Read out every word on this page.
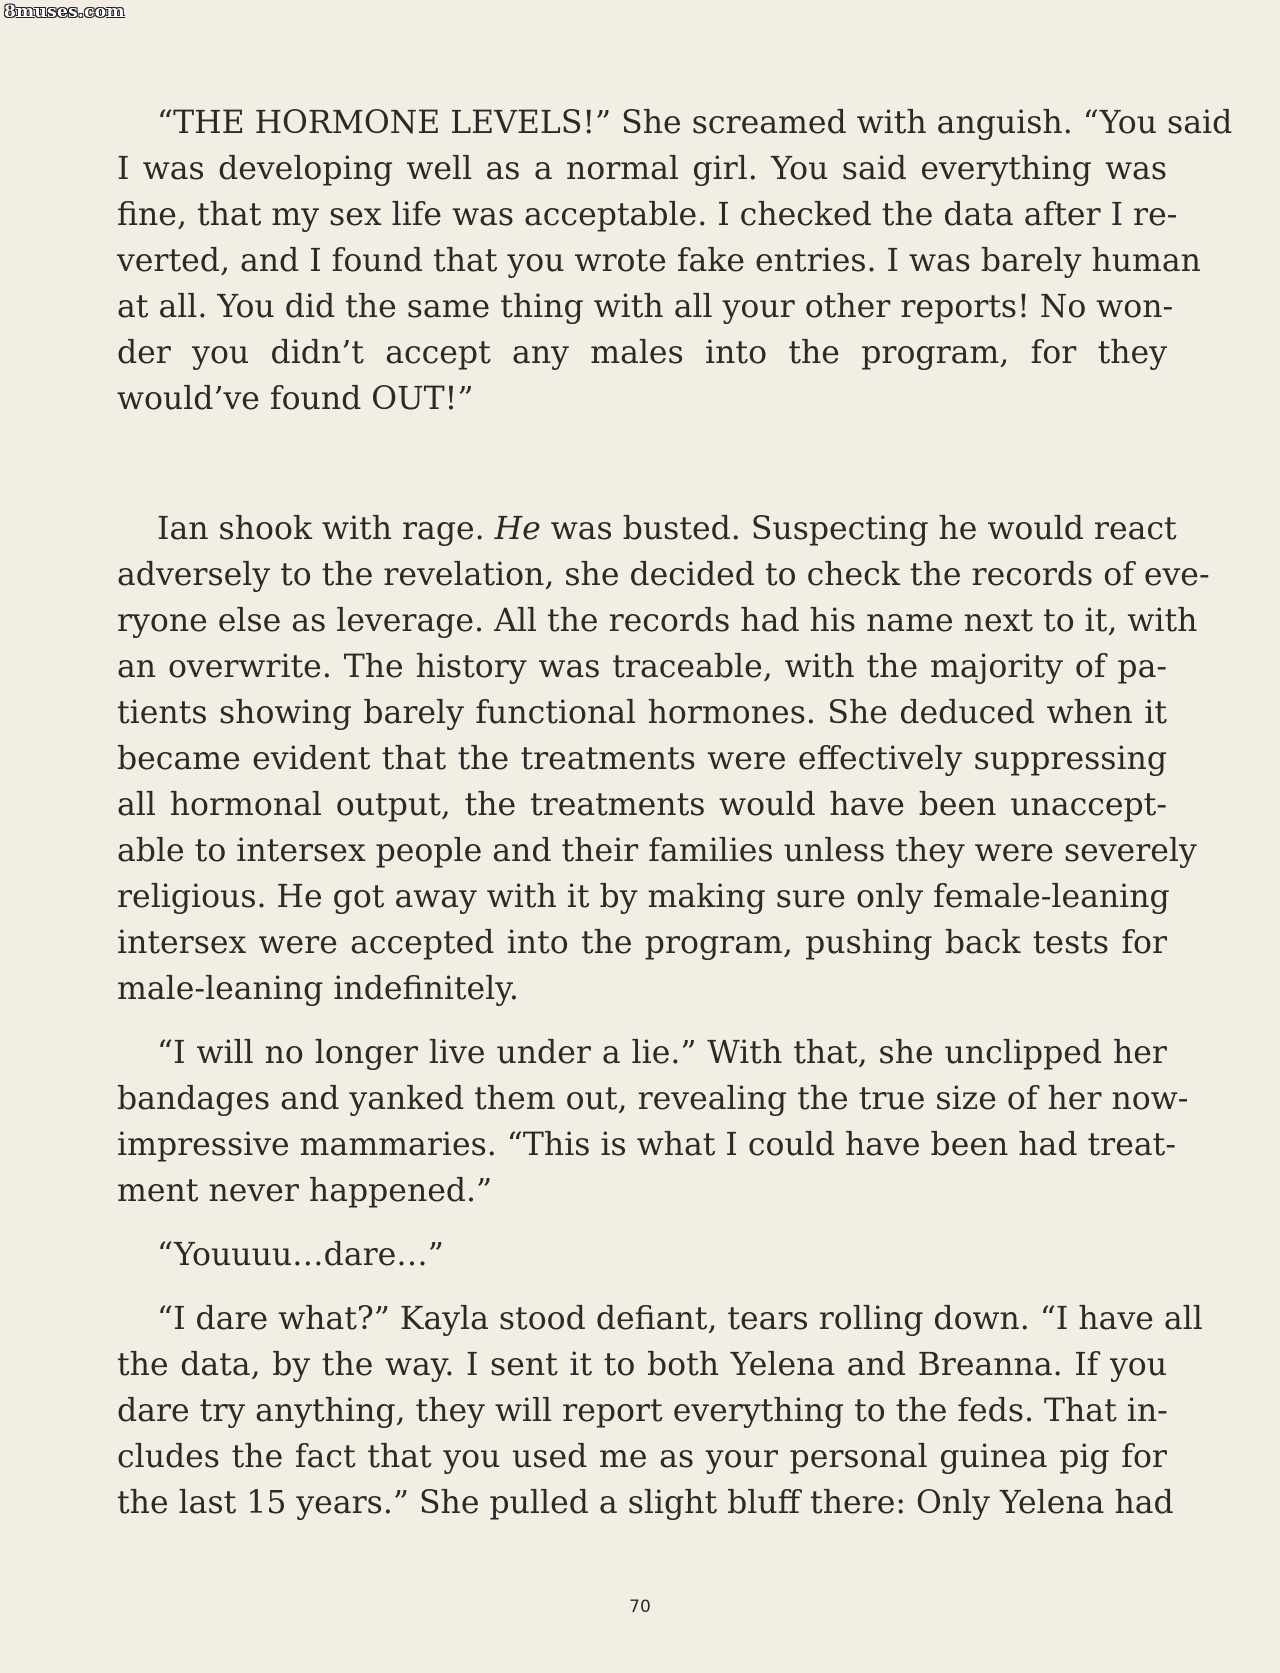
8muses.com
“THE HORMONE LEVELS!” She screamed with anguish. “You said
I was developing well as a normal girl. You said everything was
fine, that my sex life was acceptable. I checked the data after I re-
verted, and I found that you wrote fake entries. I was barely human
at all. You did the same thing with all your other reports! No won-
der you didn’t accept any males into the program, for they
would’ve found OUT!”
Ian shook with rage. He was busted. Suspecting he would react
adversely to the revelation, she decided to check the records of eve-
ryone else as leverage. All the records had his name next to it, with
an overwrite. The history was traceable, with the majority of pa-
tients showing barely functional hormones. She deduced when it
became evident that the treatments were effectively suppressing
all hormonal output, the treatments would have been unaccept-
able to intersex people and their families unless they were severely
religious. He got away with it by making sure only female-leaning
intersex were accepted into the program, pushing back tests for
male-leaning indefinitely.
“I will no longer live under a lie.” With that, she unclipped her
bandages and yanked them out, revealing the true size of her now-
impressive mammaries. “This is what I could have been had treat-
ment never happened.”
“Youuuu…dare…”
“I dare what?” Kayla stood defiant, tears rolling down. “I have all
the data, by the way. I sent it to both Yelena and Breanna. If you
dare try anything, they will report everything to the feds. That in-
cludes the fact that you used me as your personal guinea pig for
the last 15 years.” She pulled a slight bluff there: Only Yelena had
70
